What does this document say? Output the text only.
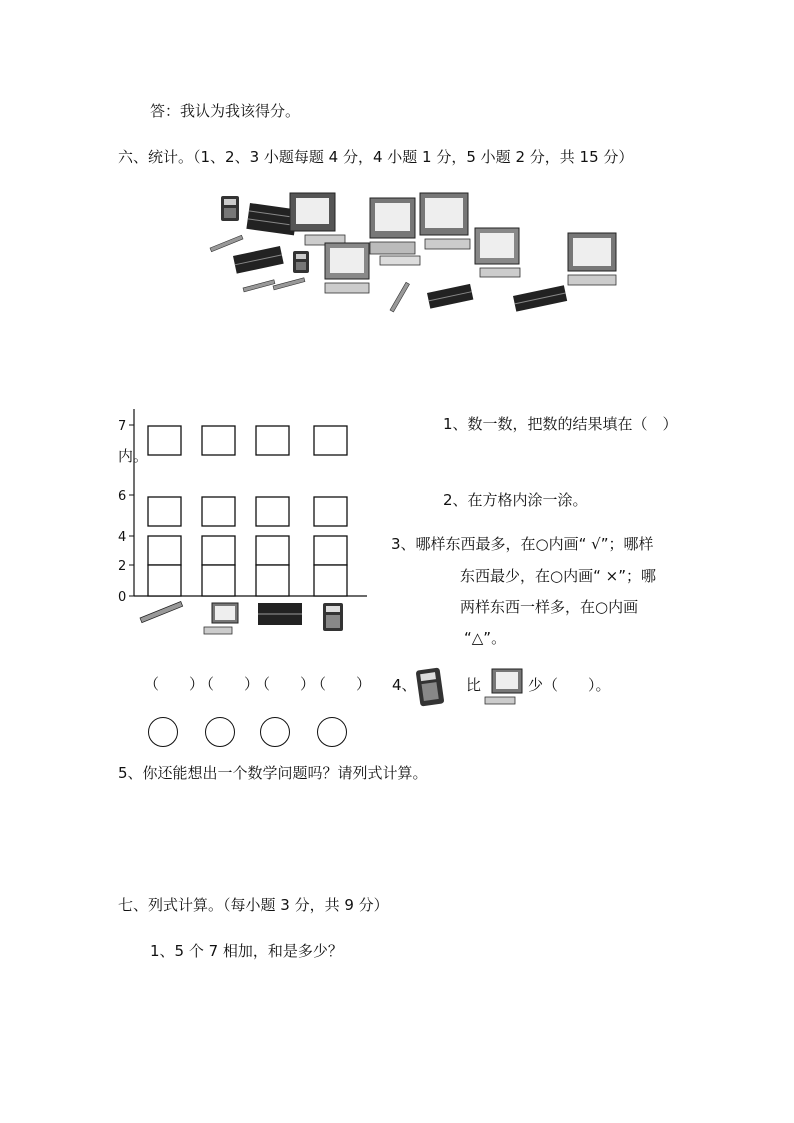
答：我认为我该得分。
六、统计。（1、2、3 小题每题 4 分，4 小题 1 分，5 小题 2 分，共 15 分）
7
6
4
2
0
内。
1、数一数，把数的结果填在（　）
2、在方格内涂一涂。
3、哪样东西最多，在○内画“ √”；哪样
东西最少，在○内画“ ×”；哪
两样东西一样多，在○内画
“△”。
（　　）
（　　）
（　　）
（　　） 4、	比	少（　　）。
5、你还能想出一个数学问题吗？请列式计算。
七、列式计算。（每小题 3 分，共 9 分）
1、5 个 7 相加，和是多少？
